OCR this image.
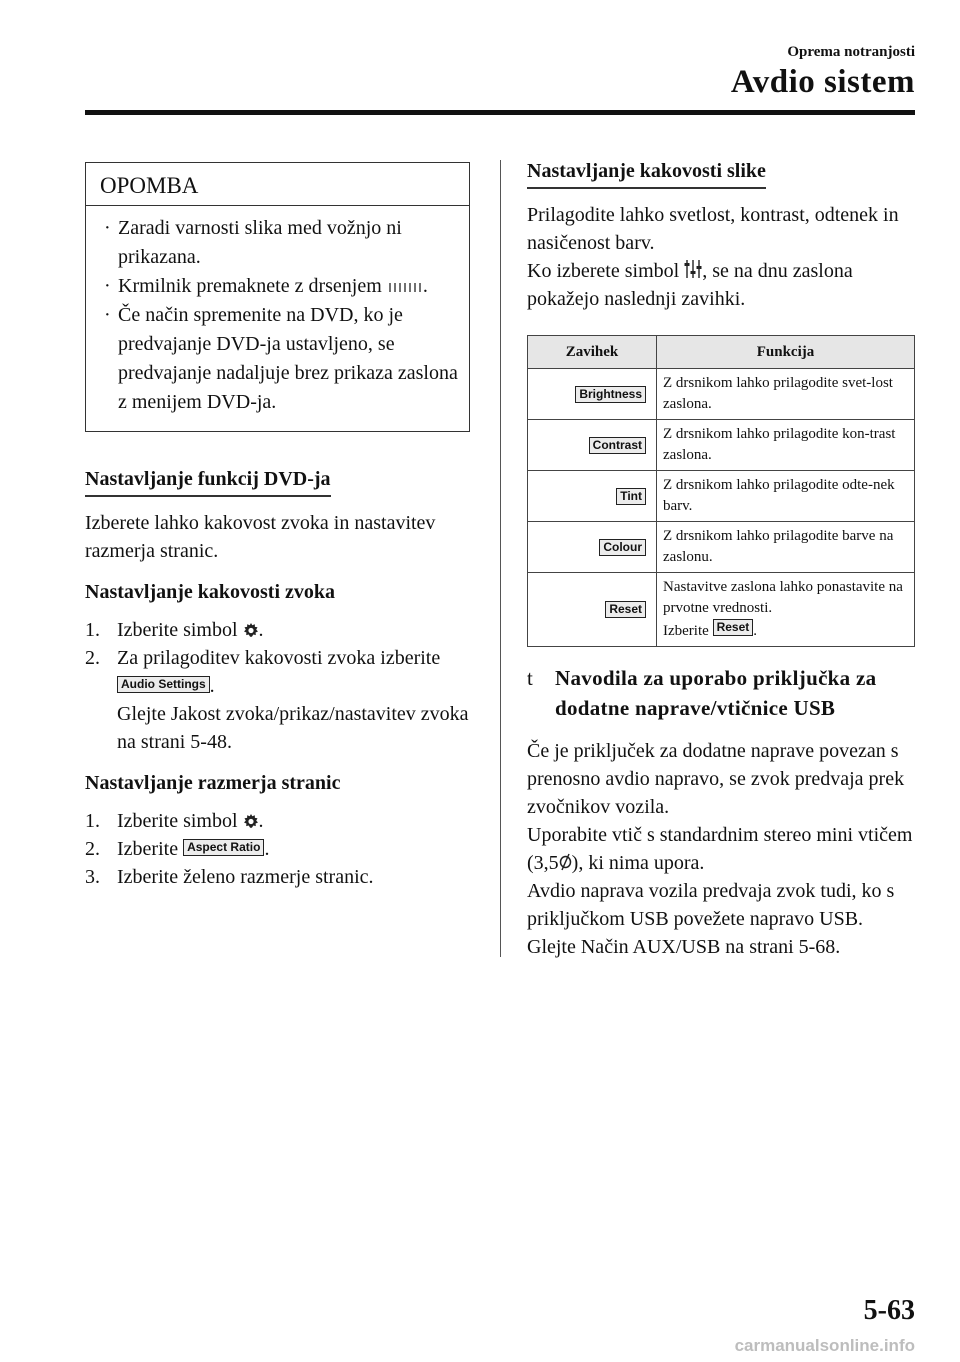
Oprema notranjosti
Avdio sistem
OPOMBA
· Zaradi varnosti slika med vožnjo ni prikazana.
· Krmilnik premaknete z drsenjem .
· Če način spremenite na DVD, ko je predvajanje DVD-ja ustavljeno, se predvajanje nadaljuje brez prikaza zaslona z menijem DVD-ja.
Nastavljanje funkcij DVD-ja
Izberete lahko kakovost zvoka in nastavitev razmerja stranic.
Nastavljanje kakovosti zvoka
1. Izberite simbol .
2. Za prilagoditev kakovosti zvoka izberite Audio Settings .
Glejte Jakost zvoka/prikaz/nastavitev zvoka na strani 5-48.
Nastavljanje razmerja stranic
1. Izberite simbol .
2. Izberite Aspect Ratio .
3. Izberite želeno razmerje stranic.
Nastavljanje kakovosti slike
Prilagodite lahko svetlost, kontrast, odtenek in nasičenost barv.
Ko izberete simbol , se na dnu zaslona pokažejo naslednji zavihki.
Zavihek	Funkcija
Brightness	Z drsnikom lahko prilagodite svet-lost zaslona.
Contrast	Z drsnikom lahko prilagodite kon-trast zaslona.
Tint	Z drsnikom lahko prilagodite odte-nek barv.
Colour	Z drsnikom lahko prilagodite barve na zaslonu.
Reset	Nastavitve zaslona lahko ponastavite na prvotne vrednosti.
Izberite Reset .
t Navodila za uporabo priključka za dodatne naprave/vtičnice USB
Če je priključek za dodatne naprave povezan s prenosno avdio napravo, se zvok predvaja prek zvočnikov vozila.
Uporabite vtič s standardnim stereo mini vtičem (3,5 ), ki nima upora.
Avdio naprava vozila predvaja zvok tudi, ko s priključkom USB povežete napravo USB.
Glejte Način AUX/USB na strani 5-68.
5-63
carmanualsonline.info
